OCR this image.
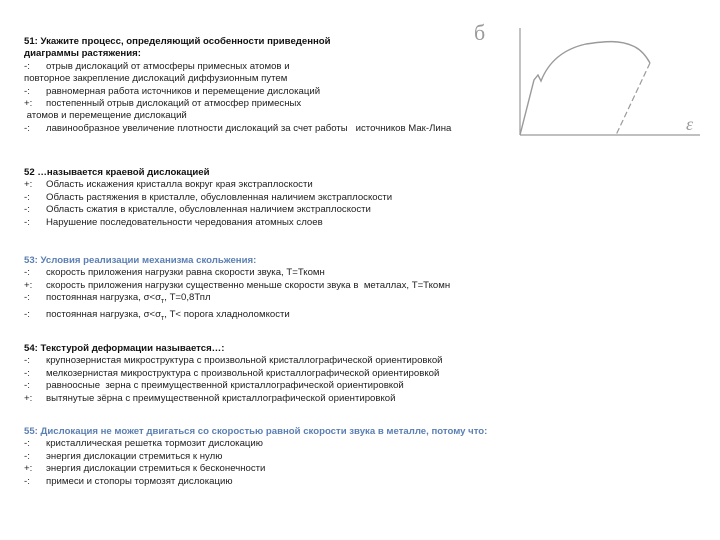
б
ε
51: Укажите процесс, определяющий особенности приведенной
диаграммы растяжения:
-: отрыв дислокаций от атмосферы примесных атомов и
повторное закрепление дислокаций диффузионным путем
-: равномерная работа источников и перемещение дислокаций
+: постепенный отрыв дислокаций от атмосфер примесных
атомов и перемещение дислокаций
-: лавинообразное увеличение плотности дислокаций за счет работы   источников Мак-Лина
52 …называется краевой дислокацией
+: Область искажения кристалла вокруг края экстраплоскости
-: Область растяжения в кристалле, обусловленная наличием экстраплоскости
-: Область сжатия в кристалле, обусловленная наличием экстраплоскости
-: Нарушение последовательности чередования атомных слоев
53: Условия реализации механизма скольжения:
-: скорость приложения нагрузки равна скорости звука, Т=Ткомн
+: скорость приложения нагрузки существенно меньше скорости звука в  металлах, Т=Ткомн
-: постоянная нагрузка, $\sigma<\sigma_т$, Т=0,8Тпл
-: постоянная нагрузка, $\sigma<\sigma_т$, Т< порога хладноломкости
54: Текстурой деформации называется…:
-: крупнозернистая микроструктура с произвольной кристаллографической ориентировкой
-: мелкозернистая микроструктура с произвольной кристаллографической ориентировкой
-: равноосные  зерна с преимущественной кристаллографической ориентировкой
+: вытянутые зёрна с преимущественной кристаллографической ориентировкой
55: Дислокация не может двигаться со скоростью равной скорости звука в металле, потому что:
-: кристаллическая решетка тормозит дислокацию
-: энергия дислокации стремиться к нулю
+: энергия дислокации стремиться к бесконечности
-: примеси и стопоры тормозят дислокацию
